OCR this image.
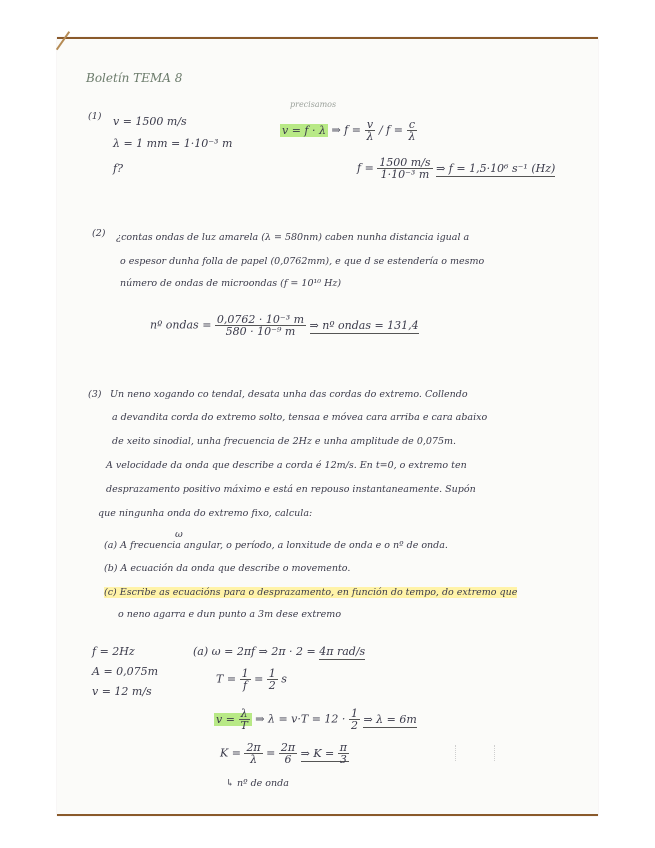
Boletín TEMA 8
(1) v = 1500 m/s
λ = 1 mm = 1·10⁻³ m
f?
precisamos
v = f · λ ⇒ $f = \frac{v}{\lambda} / f = \frac{c}{\lambda}$
$f = \frac{1500 m/s}{\text{1·10⁻³ m}}$ ⇒ f = 1,5·10⁶ s⁻¹ (Hz)
(2) ¿contas ondas de luz amarela (λ = 580nm) caben nunha distancia igual a
o espesor dunha folla de papel (0,0762mm), e que d se estendería o mesmo
número de ondas de microondas (f = 10¹⁰ Hz)
nº ondas = $\frac{\text{0,0762 · 10⁻³ m}}{\text{580 · 10⁻⁹ m}}$ ⇒ nº ondas = 131,4
(3) Un neno xogando co tendal, desata unha das cordas do extremo. Collendo
a devandita corda do extremo solto, tensaa e móvea cara arriba e cara abaixo
de xeito sinodial, unha frecuencia de 2Hz e unha amplitude de 0,075m.
A velocidade da onda que describe a corda é 12m/s. En t=0, o extremo ten
desprazamento positivo máximo e está en repouso instantaneamente. Supón
que ningunha onda do extremo fixo, calcula:
ω
(a) A frecuencia angular, o período, a lonxitude de onda e o nº de onda.
(b) A ecuación da onda que describe o movemento.
(c) Escribe as ecuacións para o desprazamento, en función do tempo, do extremo que
o neno agarra e dun punto a 3m dese extremo
f = 2Hz
A = 0,075m
v = 12 m/s
(a) ω = 2πf ⇒ 2π · 2 = 4π rad/s
$T = \frac{1}{f} = \frac{1}{2}$ s
$v = \frac{\lambda}{T}$ ⇒ $\lambda = v\cdot T = 12 \cdot \frac{1}{2}$ ⇒ λ = 6m
$K = \frac{2\pi}{\lambda} = \frac{2\pi}{6}$ ⇒ $K = \frac{\pi}{3}$
↳ nº de onda
